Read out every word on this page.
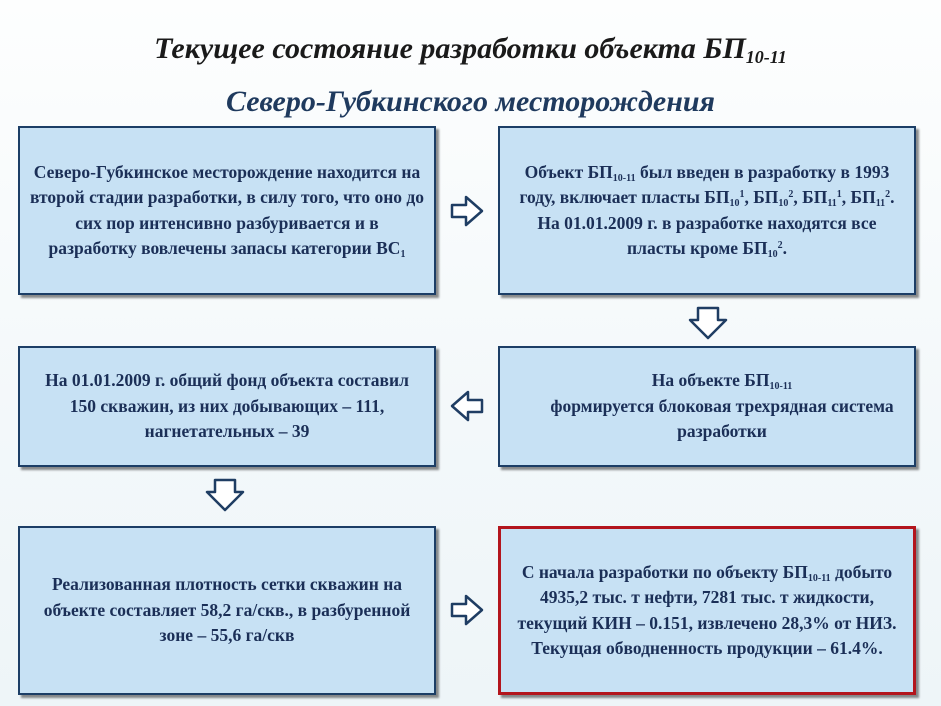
Текущее состояние разработки объекта $БП_{10-11}$
Северо-Губкинского месторождения

Северо-Губкинское месторождение находится на второй стадии разработки, в силу того, что оно до сих пор интенсивно разбуривается и в разработку вовлечены запасы категории $ВС_1$

Объект $БП_{10-11}$ был введен в разработку в 1993 году, включает пласты $БП_{10}^1$, $БП_{10}^2$, $БП_{11}^1$, $БП_{11}^2$. На 01.01.2009 г. в разработке находятся все пласты кроме $БП_{10}^2$.

На объекте $БП_{10-11}$
формируется блоковая трехрядная система разработки

На 01.01.2009 г. общий фонд объекта составил 150 скважин, из них добывающих – 111, нагнетательных – 39

Реализованная плотность сетки скважин на объекте составляет 58,2 га/скв., в разбуренной зоне – 55,6 га/скв

С начала разработки по объекту $БП_{10-11}$ добыто 4935,2 тыс. т нефти, 7281 тыс. т жидкости, текущий КИН – 0.151, извлечено 28,3% от НИЗ. Текущая обводненность продукции – 61.4%.
